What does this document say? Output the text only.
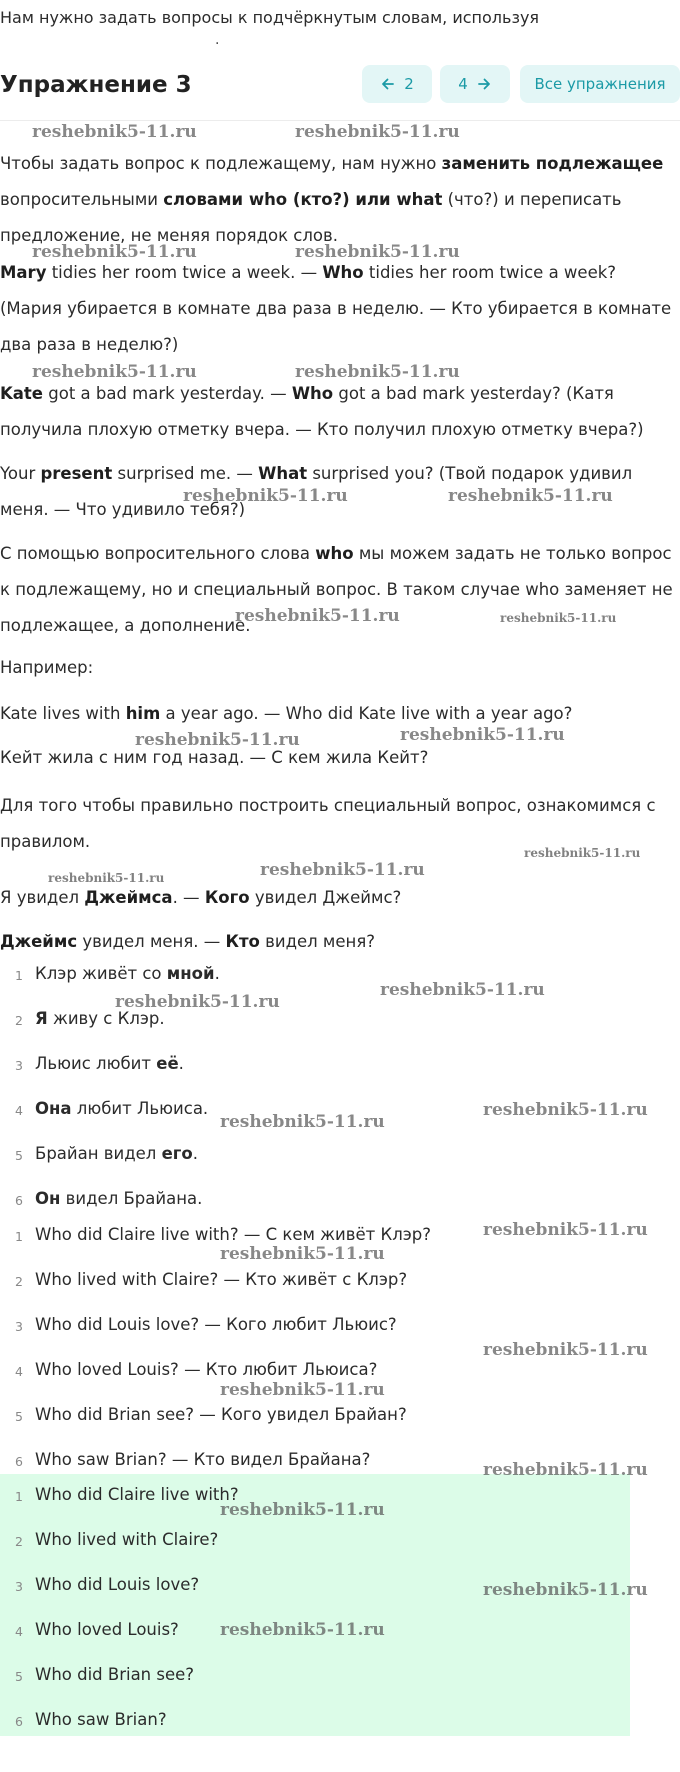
Нам нужно задать вопросы к подчёркнутым словам, используя
·
Чтобы задать вопрос к подлежащему, нам нужно заменить подлежащее вопросительными словами who (кто?) или what (что?) и переписать предложение, не меняя порядок слов.
Mary tidies her room twice a week. — Who tidies her room twice a week? (Мария убирается в комнате два раза в неделю. — Кто убирается в комнате два раза в неделю?)
Kate got a bad mark yesterday. — Who got a bad mark yesterday? (Катя получила плохую отметку вчера. — Кто получил плохую отметку вчера?)
Your present surprised me. — What surprised you? (Твой подарок удивил меня. — Что удивило тебя?)
С помощью вопросительного слова who мы можем задать не только вопрос к подлежащему, но и специальный вопрос. В таком случае who заменяет не подлежащее, а дополнение.
Например:
Kate lives with him a year ago. — Who did Kate live with a year ago?
Кейт жила с ним год назад. — С кем жила Кейт?
Для того чтобы правильно построить специальный вопрос, ознакомимся с правилом.
Я увидел Джеймса. — Кого увидел Джеймс?
Джеймс увидел меня. — Кто видел меня?
1 Клэр живёт со мной.
2 Я живу с Клэр.
3 Льюис любит её.
4 Она любит Льюиса.
5 Брайан видел его.
6 Он видел Брайана.
1 Who did Claire live with? — С кем живёт Клэр?
2 Who lived with Claire? — Кто живёт с Клэр?
3 Who did Louis love? — Кого любит Льюис?
4 Who loved Louis? — Кто любит Льюиса?
5 Who did Brian see? — Кого увидел Брайан?
6 Who saw Brian? — Кто видел Брайана?
1 Who did Claire live with?
2 Who lived with Claire?
3 Who did Louis love?
4 Who loved Louis?
5 Who did Brian see?
6 Who saw Brian?
reshebnik5-11.ru	reshebnik5-11.ru
reshebnik5-11.ru	reshebnik5-11.ru
reshebnik5-11.ru	reshebnik5-11.ru
reshebnik5-11.ru	reshebnik5-11.ru
reshebnik5-11.ru	reshebnik5-11.ru
reshebnik5-11.ru	reshebnik5-11.ru
reshebnik5-11.ru
reshebnik5-11.ru	reshebnik5-11.ru
reshebnik5-11.ru
reshebnik5-11.ru
reshebnik5-11.ru
reshebnik5-11.ru
reshebnik5-11.ru
reshebnik5-11.ru
reshebnik5-11.ru
reshebnik5-11.ru
reshebnik5-11.ru
reshebnik5-11.ru
reshebnik5-11.ru
reshebnik5-11.ru
Упражнение 3	2	4	Все упражнения
